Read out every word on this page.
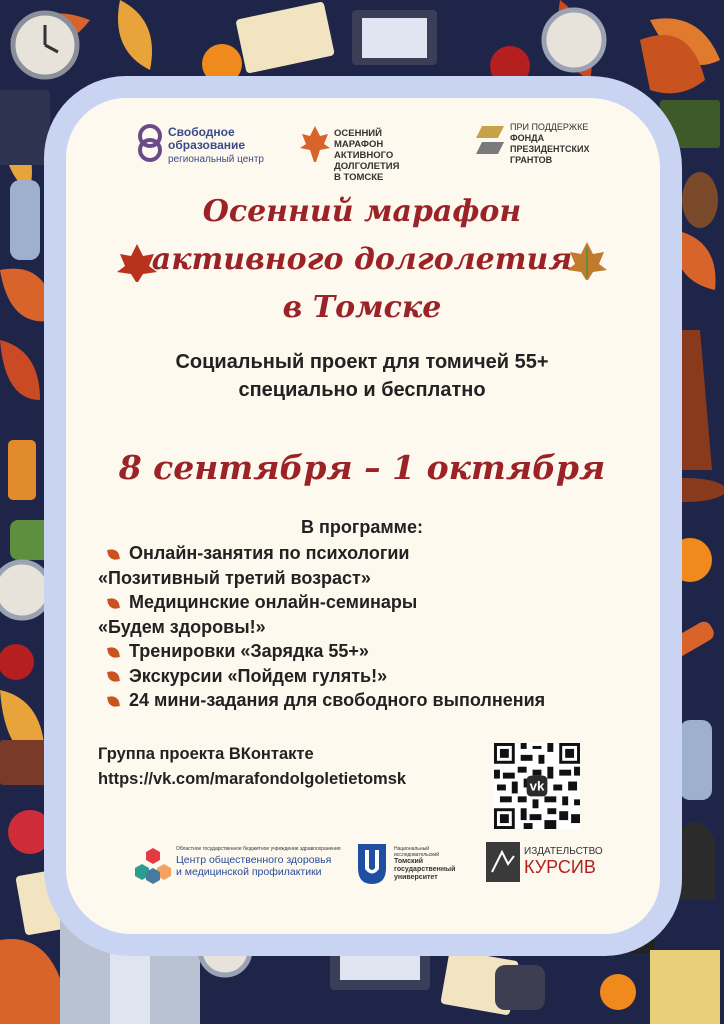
Свободное
образование
региональный центр
ОСЕННИЙ МАРАФОН
АКТИВНОГО ДОЛГОЛЕТИЯ
В ТОМСКЕ
ПРИ ПОДДЕРЖКЕ
ФОНДА
ПРЕЗИДЕНТСКИХ
ГРАНТОВ
Осенний марафон
активного долголетия
в Томске
Социальный проект для томичей 55+
специально и бесплатно
8 сентября – 1 октября
В программе:
Онлайн-занятия по психологии
«Позитивный третий возраст»
Медицинские онлайн-семинары
«Будем здоровы!»
Тренировки «Зарядка 55+»
Экскурсии «Пойдем гулять!»
24 мини-задания для свободного выполнения
Группа проекта ВКонтакте
https://vk.com/marafondolgoletietomsk	vk
Областное государственное бюджетное учреждение здравоохранения
Центр общественного здоровья
и медицинской профилактики
Национальный
исследовательский
Томский
государственный
университет
ИЗДАТЕЛЬСТВО
КУРСИВ
